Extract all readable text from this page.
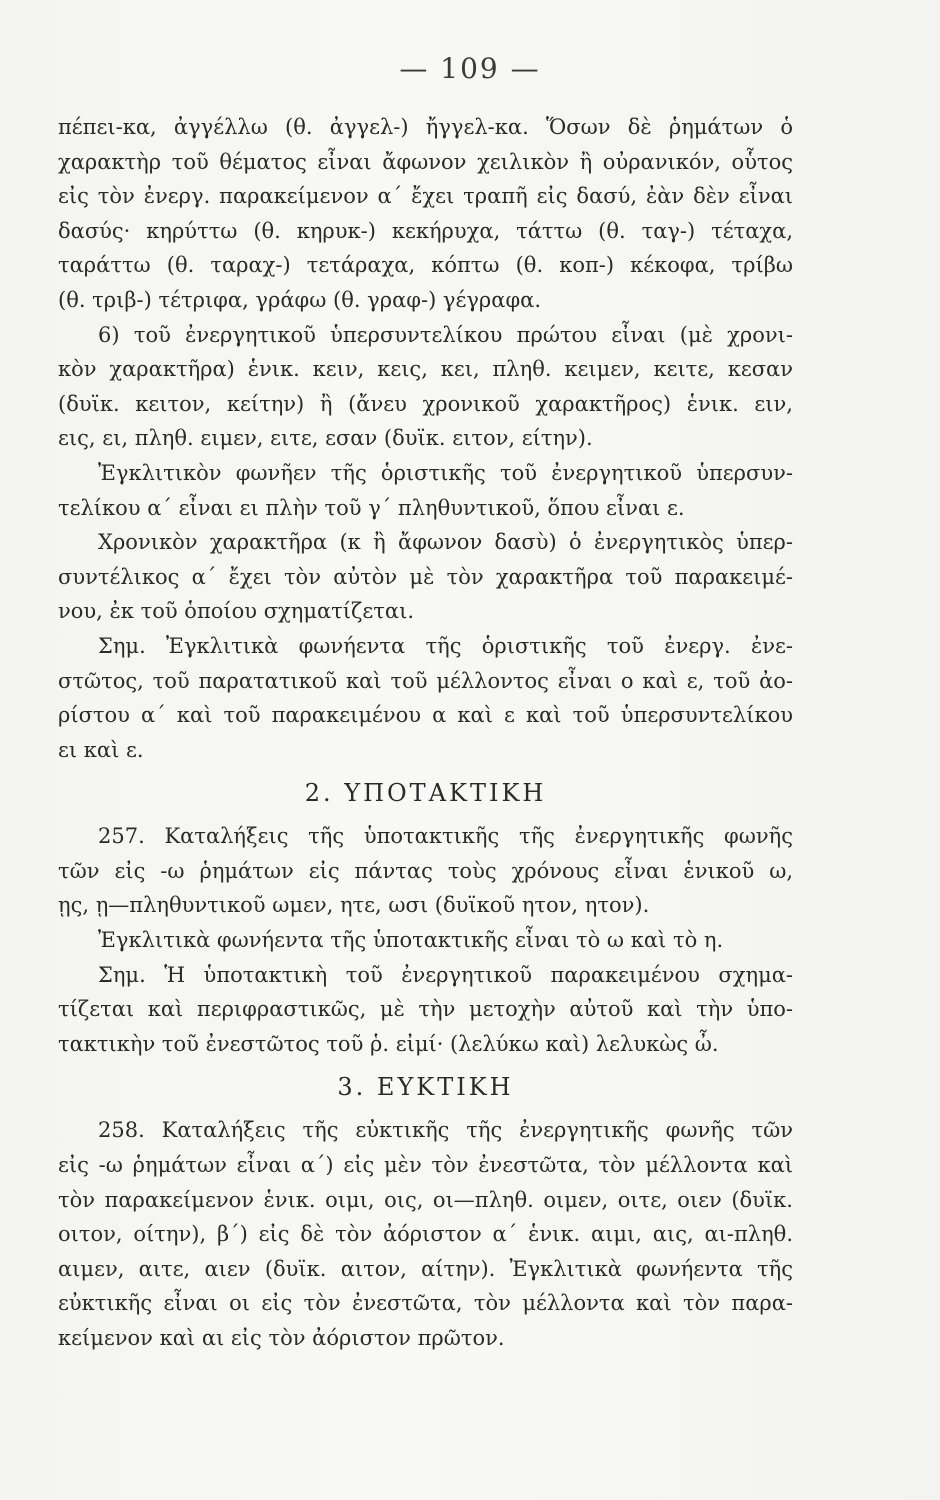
— 109 —
πέπει-κα, ἀγγέλλω (θ. ἀγγελ-) ἤγγελ-κα. Ὅσων δὲ ῥημάτων ὁ
χαρακτὴρ τοῦ θέματος εἶναι ἄφωνον χειλικὸν ἢ οὐρανικόν, οὗτος
εἰς τὸν ἐνεργ. παρακείμενον α΄ ἔχει τραπῆ εἰς δασύ, ἐὰν δὲν εἶναι
δασύς· κηρύττω (θ. κηρυκ-) κεκήρυχα, τάττω (θ. ταγ-) τέταχα,
ταράττω (θ. ταραχ-) τετάραχα, κόπτω (θ. κοπ-) κέκοφα, τρίβω
(θ. τριβ-) τέτριφα, γράφω (θ. γραφ-) γέγραφα.
6) τοῦ ἐνεργητικοῦ ὑπερσυντελίκου πρώτου εἶναι (μὲ χρονι-
κὸν χαρακτῆρα) ἑνικ. κειν, κεις, κει, πληθ. κειμεν, κειτε, κεσαν
(δυϊκ. κειτον, κείτην) ἢ (ἄνευ χρονικοῦ χαρακτῆρος) ἑνικ. ειν,
εις, ει, πληθ. ειμεν, ειτε, εσαν (δυϊκ. ειτον, είτην).
Ἐγκλιτικὸν φωνῆεν τῆς ὁριστικῆς τοῦ ἐνεργητικοῦ ὑπερσυν-
τελίκου α΄ εἶναι ει πλὴν τοῦ γ΄ πληθυντικοῦ, ὅπου εἶναι ε.
Χρονικὸν χαρακτῆρα (κ ἢ ἄφωνον δασὺ) ὁ ἐνεργητικὸς ὑπερ-
συντέλικος α΄ ἔχει τὸν αὐτὸν μὲ τὸν χαρακτῆρα τοῦ παρακειμέ-
νου, ἐκ τοῦ ὁποίου σχηματίζεται.
Σημ. Ἐγκλιτικὰ φωνήεντα τῆς ὁριστικῆς τοῦ ἐνεργ. ἐνε-
στῶτος, τοῦ παρατατικοῦ καὶ τοῦ μέλλοντος εἶναι ο καὶ ε, τοῦ ἀο-
ρίστου α΄ καὶ τοῦ παρακειμένου α καὶ ε καὶ τοῦ ὑπερσυντελίκου
ει καὶ ε.
2. ΥΠΟΤΑΚΤΙΚΗ
257. Καταλήξεις τῆς ὑποτακτικῆς τῆς ἐνεργητικῆς φωνῆς
τῶν εἰς -ω ῥημάτων εἰς πάντας τοὺς χρόνους εἶναι ἑνικοῦ ω,
ῃς, ῃ—πληθυντικοῦ ωμεν, ητε, ωσι (δυϊκοῦ ητον, ητον).
Ἐγκλιτικὰ φωνήεντα τῆς ὑποτακτικῆς εἶναι τὸ ω καὶ τὸ η.
Σημ. Ἡ ὑποτακτικὴ τοῦ ἐνεργητικοῦ παρακειμένου σχημα-
τίζεται καὶ περιφραστικῶς, μὲ τὴν μετοχὴν αὐτοῦ καὶ τὴν ὑπο-
τακτικὴν τοῦ ἐνεστῶτος τοῦ ῥ. εἰμί· (λελύκω καὶ) λελυκὼς ὦ.
3. ΕΥΚΤΙΚΗ
258. Καταλήξεις τῆς εὐκτικῆς τῆς ἐνεργητικῆς φωνῆς τῶν
εἰς -ω ῥημάτων εἶναι α΄) εἰς μὲν τὸν ἐνεστῶτα, τὸν μέλλοντα καὶ
τὸν παρακείμενον ἑνικ. οιμι, οις, οι—πληθ. οιμεν, οιτε, οιεν (δυϊκ.
οιτον, οίτην), β΄) εἰς δὲ τὸν ἀόριστον α΄ ἑνικ. αιμι, αις, αι-πληθ.
αιμεν, αιτε, αιεν (δυϊκ. αιτον, αίτην). Ἐγκλιτικὰ φωνήεντα τῆς
εὐκτικῆς εἶναι οι εἰς τὸν ἐνεστῶτα, τὸν μέλλοντα καὶ τὸν παρα-
κείμενον καὶ αι εἰς τὸν ἀόριστον πρῶτον.
